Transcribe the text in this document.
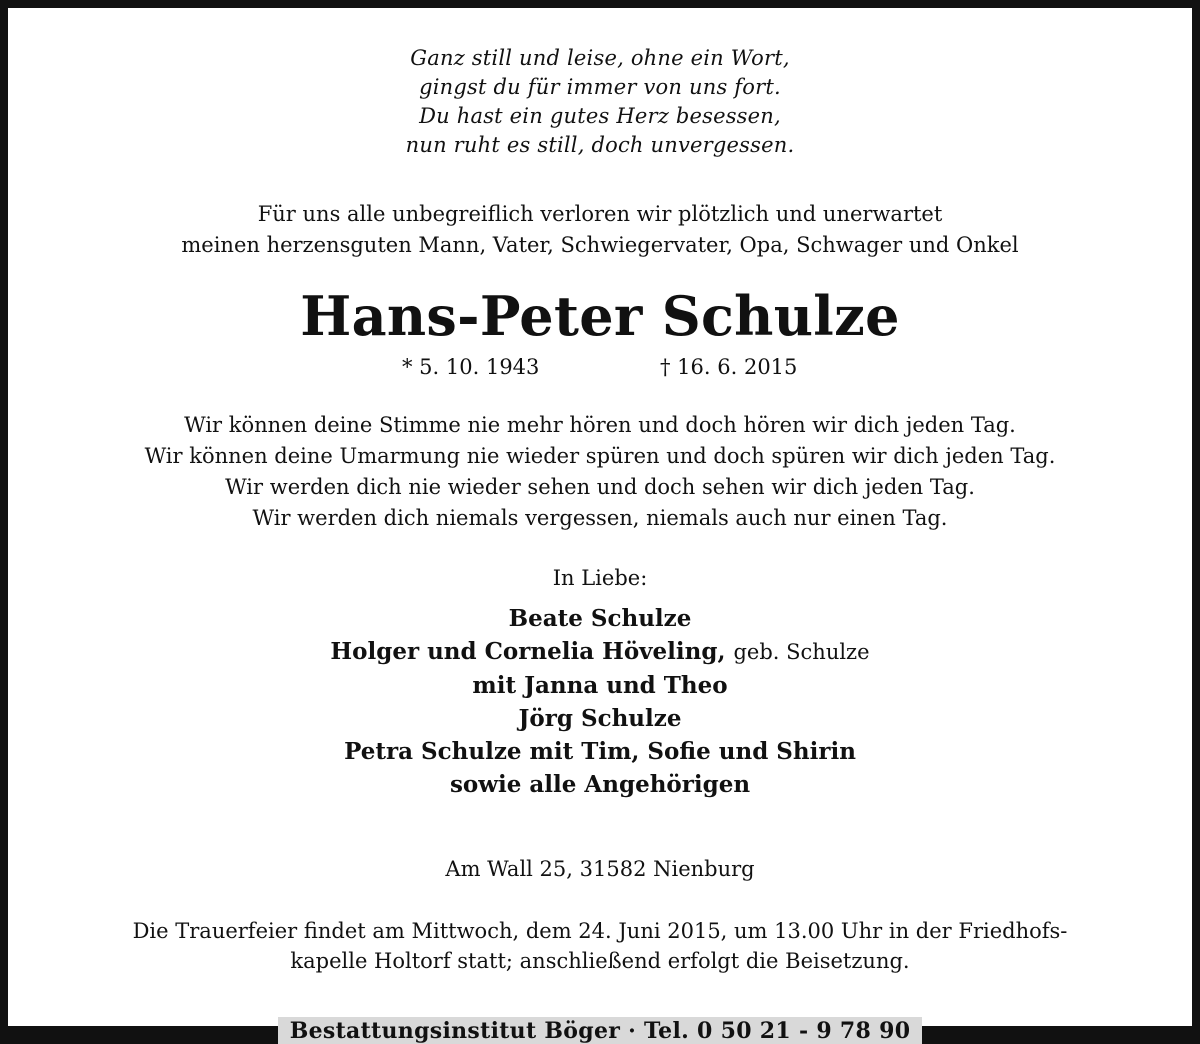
Ganz still und leise, ohne ein Wort,
gingst du für immer von uns fort.
Du hast ein gutes Herz besessen,
nun ruht es still, doch unvergessen.
Für uns alle unbegreiflich verloren wir plötzlich und unerwartet
meinen herzensguten Mann, Vater, Schwiegervater, Opa, Schwager und Onkel
Hans-Peter Schulze
* 5. 10. 1943	† 16. 6. 2015
Wir können deine Stimme nie mehr hören und doch hören wir dich jeden Tag.
Wir können deine Umarmung nie wieder spüren und doch spüren wir dich jeden Tag.
Wir werden dich nie wieder sehen und doch sehen wir dich jeden Tag.
Wir werden dich niemals vergessen, niemals auch nur einen Tag.
In Liebe:
Beate Schulze
Holger und Cornelia Höveling, geb. Schulze
mit Janna und Theo
Jörg Schulze
Petra Schulze mit Tim, Sofie und Shirin
sowie alle Angehörigen
Am Wall 25, 31582 Nienburg
Die Trauerfeier findet am Mittwoch, dem 24. Juni 2015, um 13.00 Uhr in der Friedhofs-
kapelle Holtorf statt; anschließend erfolgt die Beisetzung.
Bestattungsinstitut Böger · Tel. 0 50 21 - 9 78 90
